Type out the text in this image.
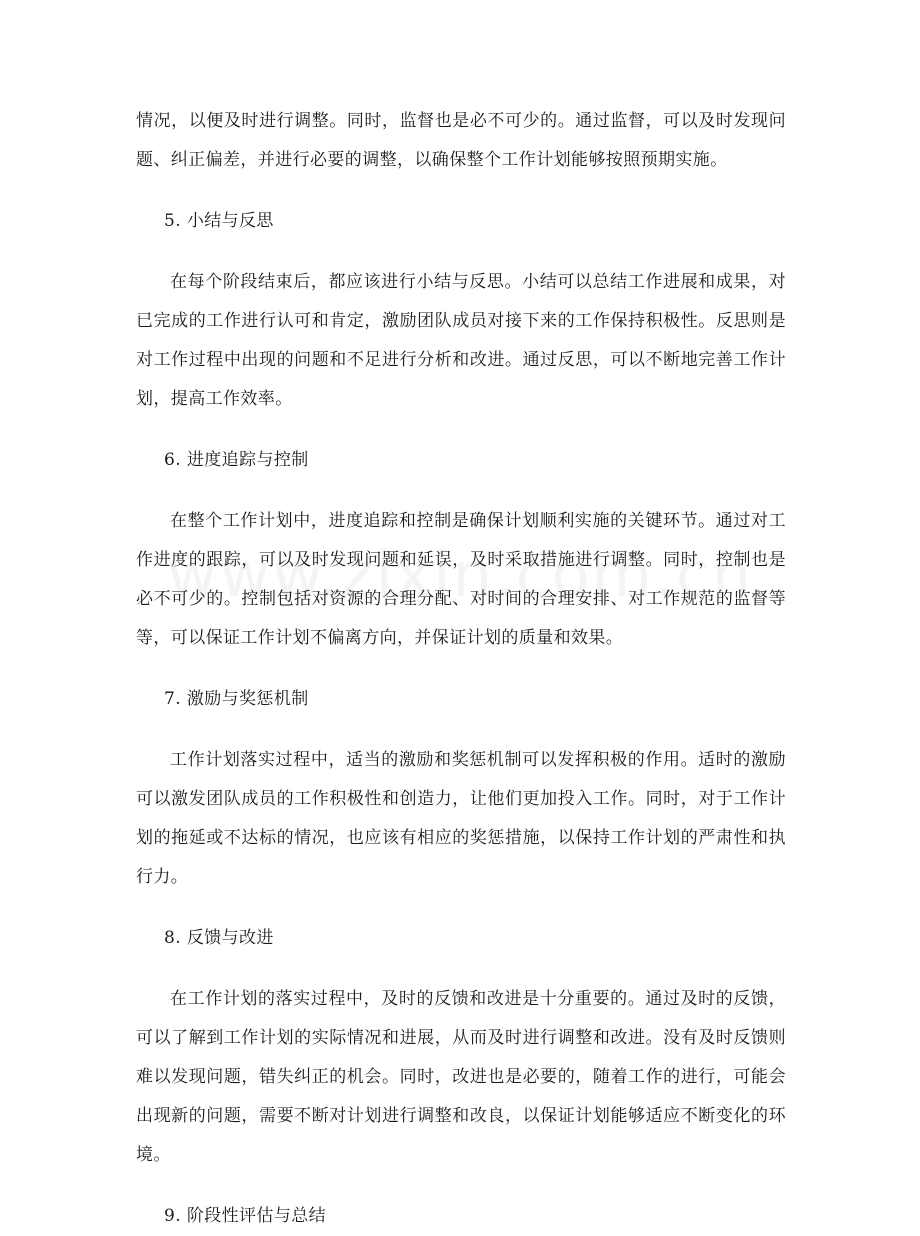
情况，以便及时进行调整。同时，监督也是必不可少的。通过监督，可以及时发现问题、纠正偏差，并进行必要的调整，以确保整个工作计划能够按照预期实施。

5. 小结与反思

在每个阶段结束后，都应该进行小结与反思。小结可以总结工作进展和成果，对已完成的工作进行认可和肯定，激励团队成员对接下来的工作保持积极性。反思则是对工作过程中出现的问题和不足进行分析和改进。通过反思，可以不断地完善工作计划，提高工作效率。

6. 进度追踪与控制

在整个工作计划中，进度追踪和控制是确保计划顺利实施的关键环节。通过对工作进度的跟踪，可以及时发现问题和延误，及时采取措施进行调整。同时，控制也是必不可少的。控制包括对资源的合理分配、对时间的合理安排、对工作规范的监督等等，可以保证工作计划不偏离方向，并保证计划的质量和效果。

7. 激励与奖惩机制

工作计划落实过程中，适当的激励和奖惩机制可以发挥积极的作用。适时的激励可以激发团队成员的工作积极性和创造力，让他们更加投入工作。同时，对于工作计划的拖延或不达标的情况，也应该有相应的奖惩措施，以保持工作计划的严肃性和执行力。

8. 反馈与改进

在工作计划的落实过程中，及时的反馈和改进是十分重要的。通过及时的反馈，可以了解到工作计划的实际情况和进展，从而及时进行调整和改进。没有及时反馈则难以发现问题，错失纠正的机会。同时，改进也是必要的，随着工作的进行，可能会出现新的问题，需要不断对计划进行调整和改良，以保证计划能够适应不断变化的环境。

9. 阶段性评估与总结
